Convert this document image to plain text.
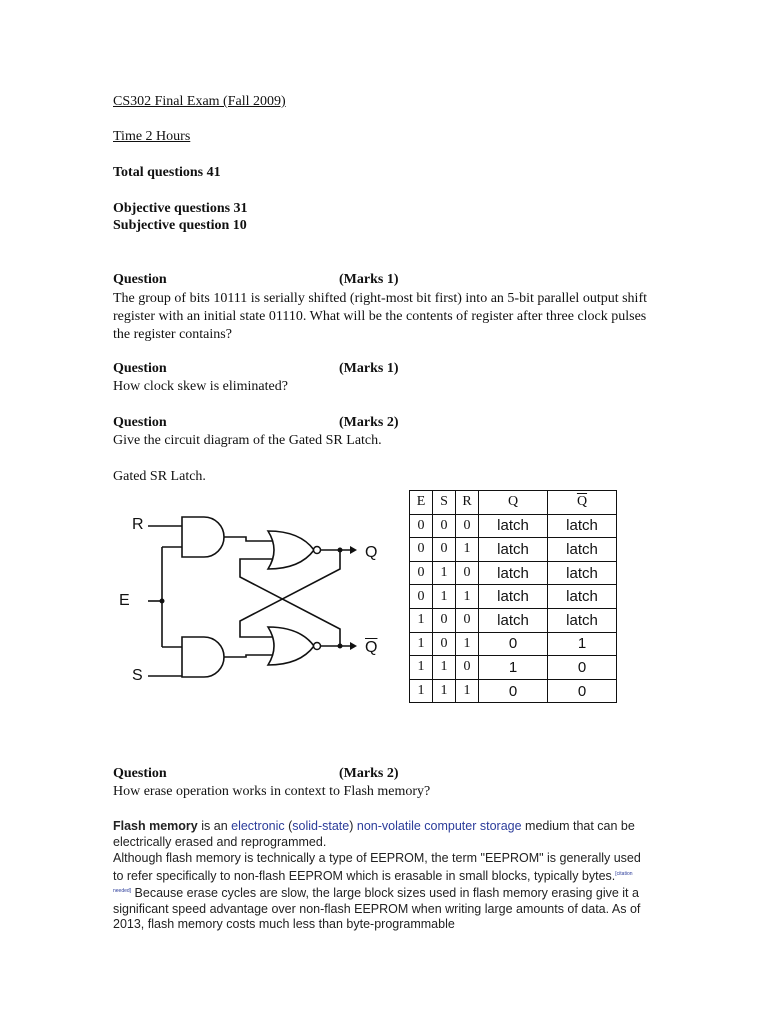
CS302 Final Exam (Fall 2009)
Time 2 Hours
Total questions 41
Objective questions 31
Subjective question 10
Question	(Marks 1)
The group of bits 10111 is serially shifted (right-most bit first) into an 5-bit parallel output shift register with an initial state 01110. What will be the contents of register after three clock pulses the register contains?
Question	(Marks 1)
How clock skew is eliminated?
Question	(Marks 2)
Give the circuit diagram of the Gated SR Latch.
Gated SR Latch.
R
E
S
Q
$\overline{Q}$
E	S	R	Q	$\overline{Q}$
0	0	0	latch	latch
0	0	1	latch	latch
0	1	0	latch	latch
0	1	1	latch	latch
1	0	0	latch	latch
1	0	1	0	1
1	1	0	1	0
1	1	1	0	0
Question	(Marks 2)
How erase operation works in context to Flash memory?
Flash memory is an electronic (solid-state) non-volatile computer storage medium that can be electrically erased and reprogrammed.
Although flash memory is technically a type of EEPROM, the term "EEPROM" is generally used to refer specifically to non-flash EEPROM which is erasable in small blocks, typically bytes.[citation needed] Because erase cycles are slow, the large block sizes used in flash memory erasing give it a significant speed advantage over non-flash EEPROM when writing large amounts of data. As of 2013, flash memory costs much less than byte-programmable
